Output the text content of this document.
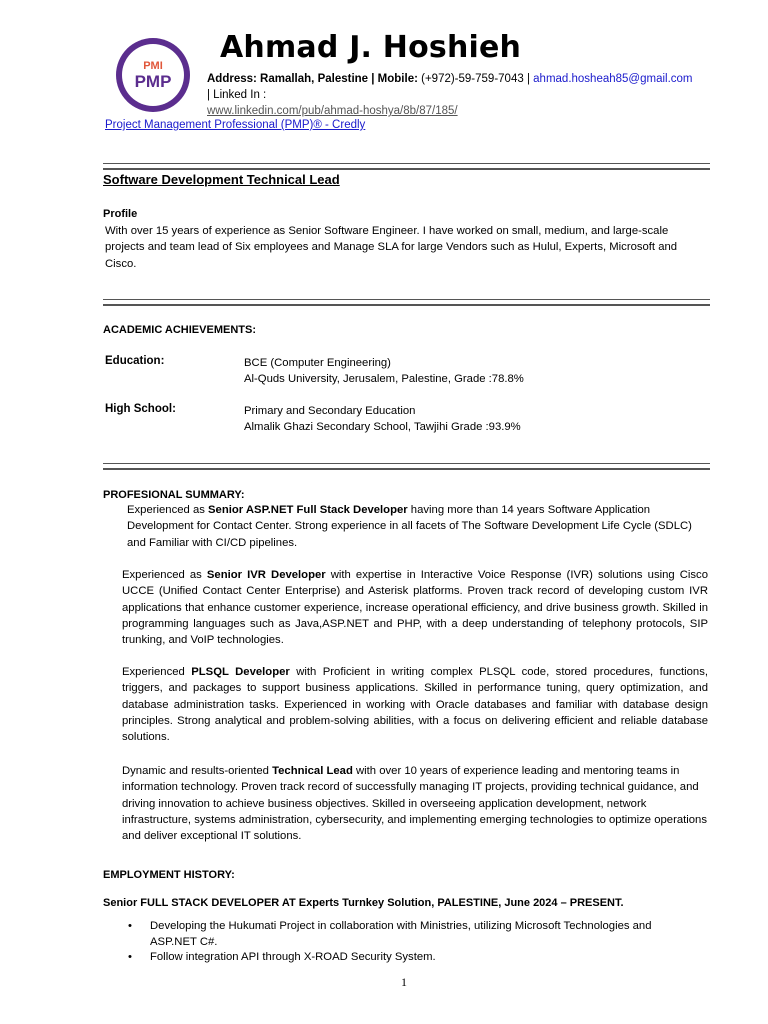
PMI
PMP
Ahmad J. Hoshieh
Address: Ramallah, Palestine | Mobile: (+972)-59-759-7043 | ahmad.hosheah85@gmail.com
| Linked In :
www.linkedin.com/pub/ahmad-hoshya/8b/87/185/
Project Management Professional (PMP)® - Credly
Software Development Technical Lead
Profile
With over 15 years of experience as Senior Software Engineer. I have worked on small, medium, and large-scale projects and team lead of Six employees and Manage SLA for large Vendors such as Hulul, Experts, Microsoft and Cisco.
ACADEMIC ACHIEVEMENTS:
Education:	BCE (Computer Engineering)
Al-Quds University, Jerusalem, Palestine, Grade :78.8%
High School:	Primary and Secondary Education
Almalik Ghazi Secondary School, Tawjihi Grade :93.9%
PROFESIONAL SUMMARY:
Experienced as Senior ASP.NET Full Stack Developer having more than 14 years Software Application Development for Contact Center. Strong experience in all facets of The Software Development Life Cycle (SDLC) and Familiar with CI/CD pipelines.
Experienced as Senior IVR Developer with expertise in Interactive Voice Response (IVR) solutions using Cisco UCCE (Unified Contact Center Enterprise) and Asterisk platforms. Proven track record of developing custom IVR applications that enhance customer experience, increase operational efficiency, and drive business growth. Skilled in programming languages such as Java,ASP.NET and PHP, with a deep understanding of telephony protocols, SIP trunking, and VoIP technologies.
Experienced PLSQL Developer with Proficient in writing complex PLSQL code, stored procedures, functions, triggers, and packages to support business applications. Skilled in performance tuning, query optimization, and database administration tasks. Experienced in working with Oracle databases and familiar with database design principles. Strong analytical and problem-solving abilities, with a focus on delivering efficient and reliable database solutions.
Dynamic and results-oriented Technical Lead with over 10 years of experience leading and mentoring teams in information technology. Proven track record of successfully managing IT projects, providing technical guidance, and driving innovation to achieve business objectives. Skilled in overseeing application development, network infrastructure, systems administration, cybersecurity, and implementing emerging technologies to optimize operations and deliver exceptional IT solutions.
EMPLOYMENT HISTORY:
Senior FULL STACK DEVELOPER AT Experts Turnkey Solution, PALESTINE, June 2024 – PRESENT.
• Developing the Hukumati Project in collaboration with Ministries, utilizing Microsoft Technologies and ASP.NET C#.
• Follow integration API through X-ROAD Security System.
1
